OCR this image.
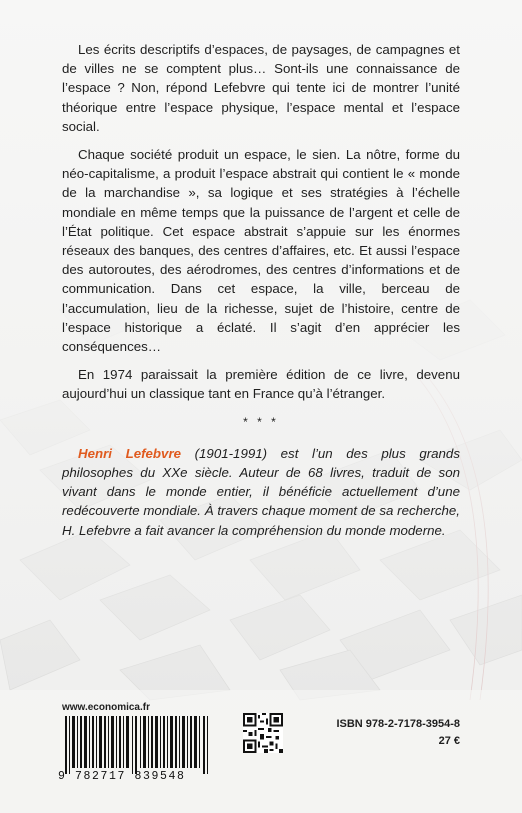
Les écrits descriptifs d’espaces, de paysages, de campagnes et de villes ne se comptent plus… Sont-ils une connaissance de l’espace ? Non, répond Lefebvre qui tente ici de montrer l’unité théorique entre l’espace physique, l’espace mental et l’espace social.

Chaque société produit un espace, le sien. La nôtre, forme du néo-capitalisme, a produit l’espace abstrait qui contient le « monde de la marchandise », sa logique et ses stratégies à l’échelle mondiale en même temps que la puissance de l’argent et celle de l’État politique. Cet espace abstrait s’appuie sur les énormes réseaux des banques, des centres d’affaires, etc. Et aussi l’espace des autoroutes, des aérodromes, des centres d’informations et de communication. Dans cet espace, la ville, berceau de l’accumulation, lieu de la richesse, sujet de l’histoire, centre de l’espace historique a éclaté. Il s’agit d’en apprécier les conséquences…

En 1974 paraissait la première édition de ce livre, devenu aujourd’hui un classique tant en France qu’à l’étranger.

* * *

Henri Lefebvre (1901-1991) est l’un des plus grands philosophes du XXe siècle. Auteur de 68 livres, traduit de son vivant dans le monde entier, il bénéficie actuellement d’une redécouverte mondiale. À travers chaque moment de sa recherche, H. Lefebvre a fait avancer la compréhension du monde moderne.

www.economica.fr
9 782717 839548
ISBN 978-2-7178-3954-8
27 €
